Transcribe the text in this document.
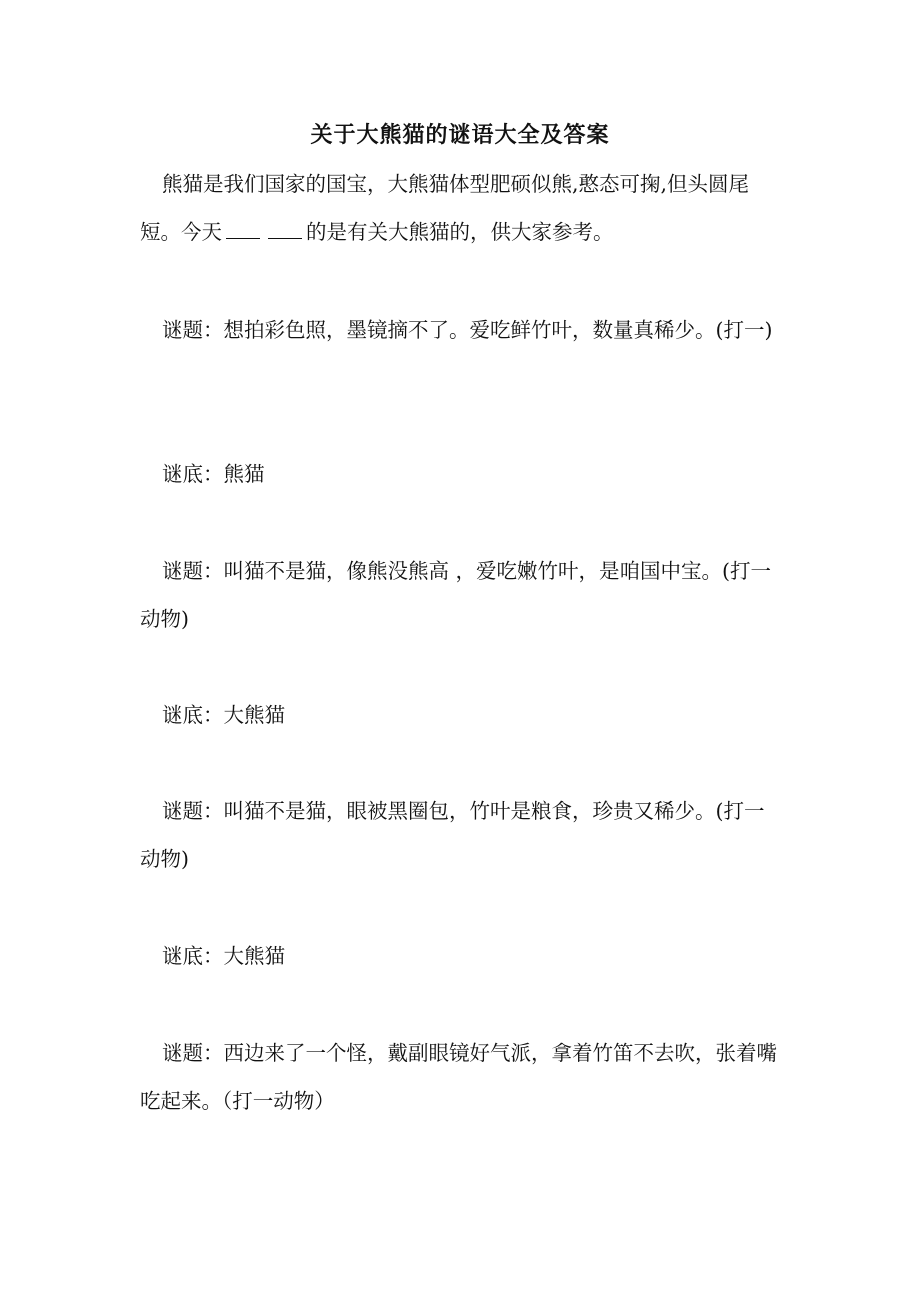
关于大熊猫的谜语大全及答案

熊猫是我们国家的国宝，大熊猫体型肥硕似熊,憨态可掬,但头圆尾短。今天	的是有关大熊猫的，供大家参考。

谜题：想拍彩色照，墨镜摘不了。爱吃鲜竹叶，数量真稀少。(打一)

谜底：熊猫

谜题：叫猫不是猫，像熊没熊高 ，爱吃嫩竹叶，是咱国中宝。(打一动物)

谜底：大熊猫

谜题：叫猫不是猫，眼被黑圈包，竹叶是粮食，珍贵又稀少。(打一动物)

谜底：大熊猫

谜题：西边来了一个怪，戴副眼镜好气派，拿着竹笛不去吹，张着嘴吃起来。（打一动物）
